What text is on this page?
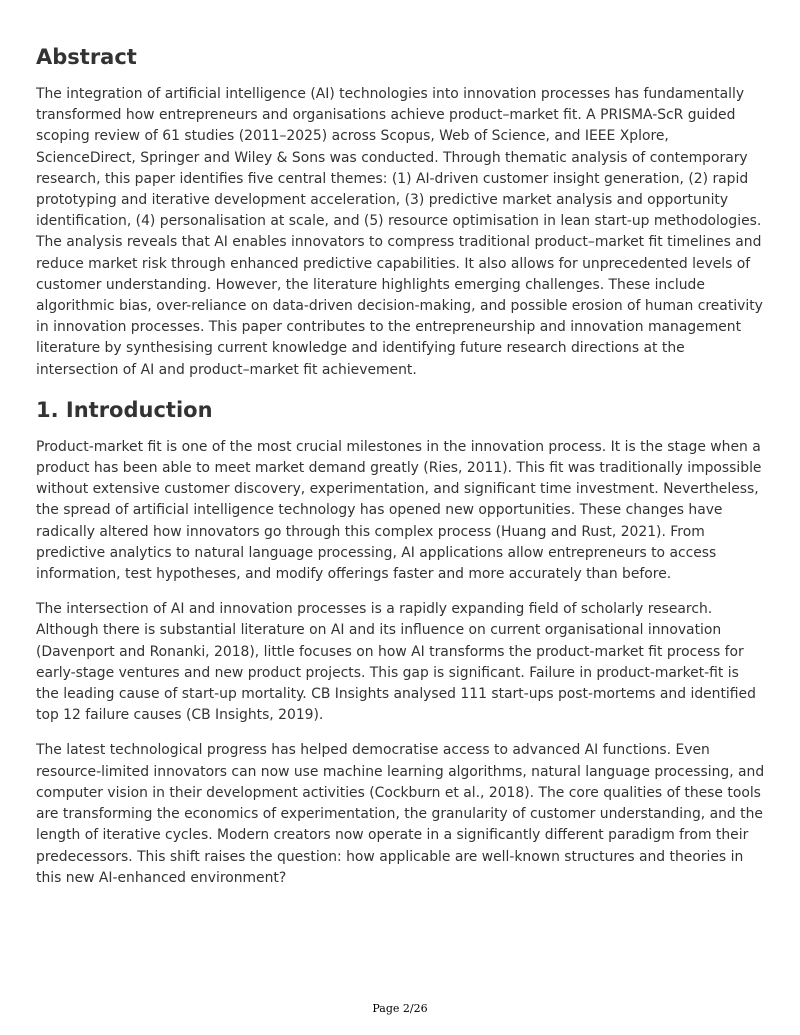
Abstract

The integration of artificial intelligence (AI) technologies into innovation processes has fundamentally transformed how entrepreneurs and organisations achieve product–market fit. A PRISMA-ScR guided scoping review of 61 studies (2011–2025) across Scopus, Web of Science, and IEEE Xplore, ScienceDirect, Springer and Wiley & Sons was conducted. Through thematic analysis of contemporary research, this paper identifies five central themes: (1) AI-driven customer insight generation, (2) rapid prototyping and iterative development acceleration, (3) predictive market analysis and opportunity identification, (4) personalisation at scale, and (5) resource optimisation in lean start-up methodologies. The analysis reveals that AI enables innovators to compress traditional product–market fit timelines and reduce market risk through enhanced predictive capabilities. It also allows for unprecedented levels of customer understanding. However, the literature highlights emerging challenges. These include algorithmic bias, over-reliance on data-driven decision-making, and possible erosion of human creativity in innovation processes. This paper contributes to the entrepreneurship and innovation management literature by synthesising current knowledge and identifying future research directions at the intersection of AI and product–market fit achievement.

1. Introduction

Product-market fit is one of the most crucial milestones in the innovation process. It is the stage when a product has been able to meet market demand greatly (Ries, 2011). This fit was traditionally impossible without extensive customer discovery, experimentation, and significant time investment. Nevertheless, the spread of artificial intelligence technology has opened new opportunities. These changes have radically altered how innovators go through this complex process (Huang and Rust, 2021). From predictive analytics to natural language processing, AI applications allow entrepreneurs to access information, test hypotheses, and modify offerings faster and more accurately than before.

The intersection of AI and innovation processes is a rapidly expanding field of scholarly research. Although there is substantial literature on AI and its influence on current organisational innovation (Davenport and Ronanki, 2018), little focuses on how AI transforms the product-market fit process for early-stage ventures and new product projects. This gap is significant. Failure in product-market-fit is the leading cause of start-up mortality. CB Insights analysed 111 start-ups post-mortems and identified top 12 failure causes (CB Insights, 2019).

The latest technological progress has helped democratise access to advanced AI functions. Even resource-limited innovators can now use machine learning algorithms, natural language processing, and computer vision in their development activities (Cockburn et al., 2018). The core qualities of these tools are transforming the economics of experimentation, the granularity of customer understanding, and the length of iterative cycles. Modern creators now operate in a significantly different paradigm from their predecessors. This shift raises the question: how applicable are well-known structures and theories in this new AI-enhanced environment?

Page 2/26
